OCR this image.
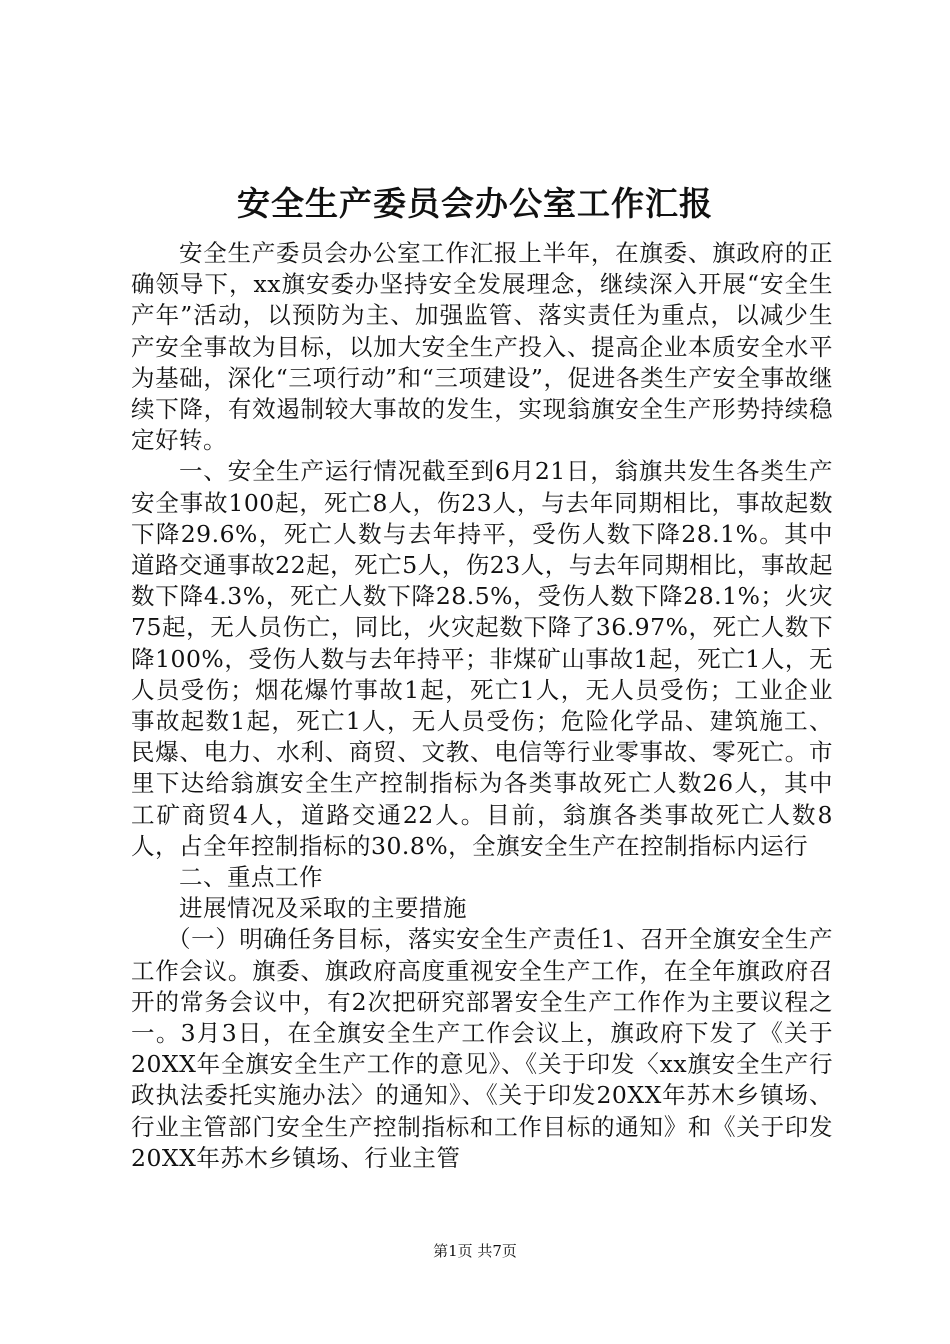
安全生产委员会办公室工作汇报

安全生产委员会办公室工作汇报上半年，在旗委、旗政府的正确领导下，xx旗安委办坚持安全发展理念，继续深入开展“安全生产年”活动，以预防为主、加强监管、落实责任为重点，以减少生产安全事故为目标，以加大安全生产投入、提高企业本质安全水平为基础，深化“三项行动”和“三项建设”，促进各类生产安全事故继续下降，有效遏制较大事故的发生，实现翁旗安全生产形势持续稳定好转。

一、安全生产运行情况截至到6月21日，翁旗共发生各类生产安全事故100起，死亡8人，伤23人，与去年同期相比，事故起数下降29.6%，死亡人数与去年持平，受伤人数下降28.1%。其中道路交通事故22起，死亡5人，伤23人，与去年同期相比，事故起数下降4.3%，死亡人数下降28.5%，受伤人数下降28.1%；火灾75起，无人员伤亡，同比，火灾起数下降了36.97%，死亡人数下降100%，受伤人数与去年持平；非煤矿山事故1起，死亡1人，无人员受伤；烟花爆竹事故1起，死亡1人，无人员受伤；工业企业事故起数1起，死亡1人，无人员受伤；危险化学品、建筑施工、民爆、电力、水利、商贸、文教、电信等行业零事故、零死亡。市里下达给翁旗安全生产控制指标为各类事故死亡人数26人，其中工矿商贸4人，道路交通22人。目前，翁旗各类事故死亡人数8人，占全年控制指标的30.8%，全旗安全生产在控制指标内运行

二、重点工作

进展情况及采取的主要措施

（一）明确任务目标，落实安全生产责任1、召开全旗安全生产工作会议。旗委、旗政府高度重视安全生产工作，在全年旗政府召开的常务会议中，有2次把研究部署安全生产工作作为主要议程之一。3月3日，在全旗安全生产工作会议上，旗政府下发了《关于20XX年全旗安全生产工作的意见》、《关于印发〈xx旗安全生产行政执法委托实施办法〉的通知》、《关于印发20XX年苏木乡镇场、行业主管部门安全生产控制指标和工作目标的通知》和《关于印发20XX年苏木乡镇场、行业主管

第1页 共7页
